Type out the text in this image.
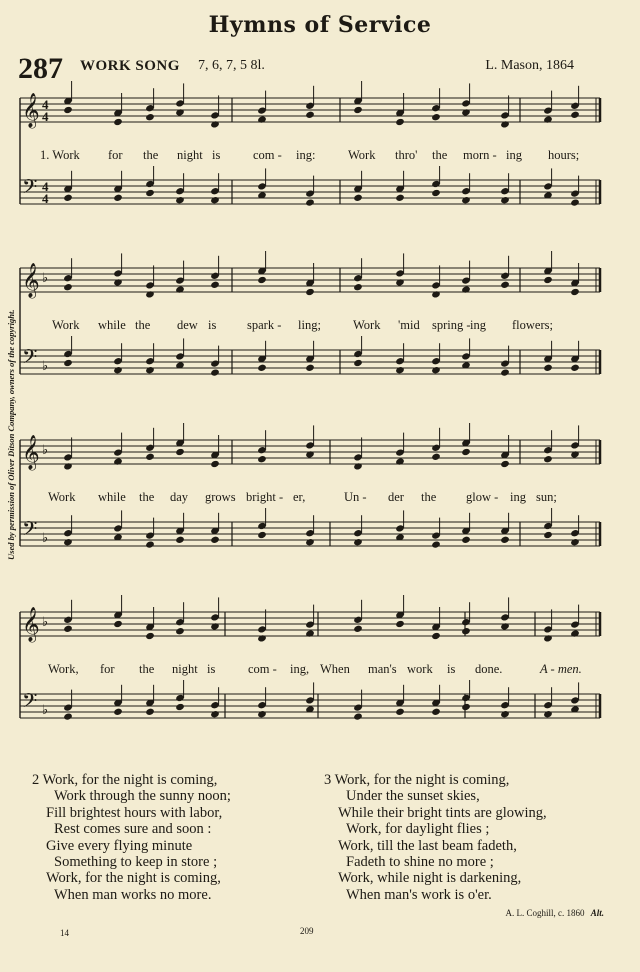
Hymns of Service
287 WORK SONG 7, 6, 7, 5 8l.	L. Mason, 1864
Used by permission of Oliver Ditson Company, owners of the copyright.
𝄞
𝄢
4
4
4
4
𝄞
𝄢
♭
♭
𝄞
𝄢
♭
♭
𝄞
𝄢
♭
♭
1. Work for the night is	com - ing:	Work thro' the morn - ing hours;
Work while the dew is spark - ling;	Work 'mid spring - ing flowers;
Work while the day grows bright - er,	Un - der the glow - ing sun;
Work, for the night is	com - ing, When man's work is done.	A - men.
2 Work, for the night is coming,
Work through the sunny noon;
Fill brightest hours with labor,
Rest comes sure and soon :
Give every flying minute
Something to keep in store ;
Work, for the night is coming,
When man works no more.
3 Work, for the night is coming,
Under the sunset skies,
While their bright tints are glowing,
Work, for daylight flies ;
Work, till the last beam fadeth,
Fadeth to shine no more ;
Work, while night is darkening,
When man's work is o'er.
A. L. Coghill, c. 1860 Alt.
14	209
